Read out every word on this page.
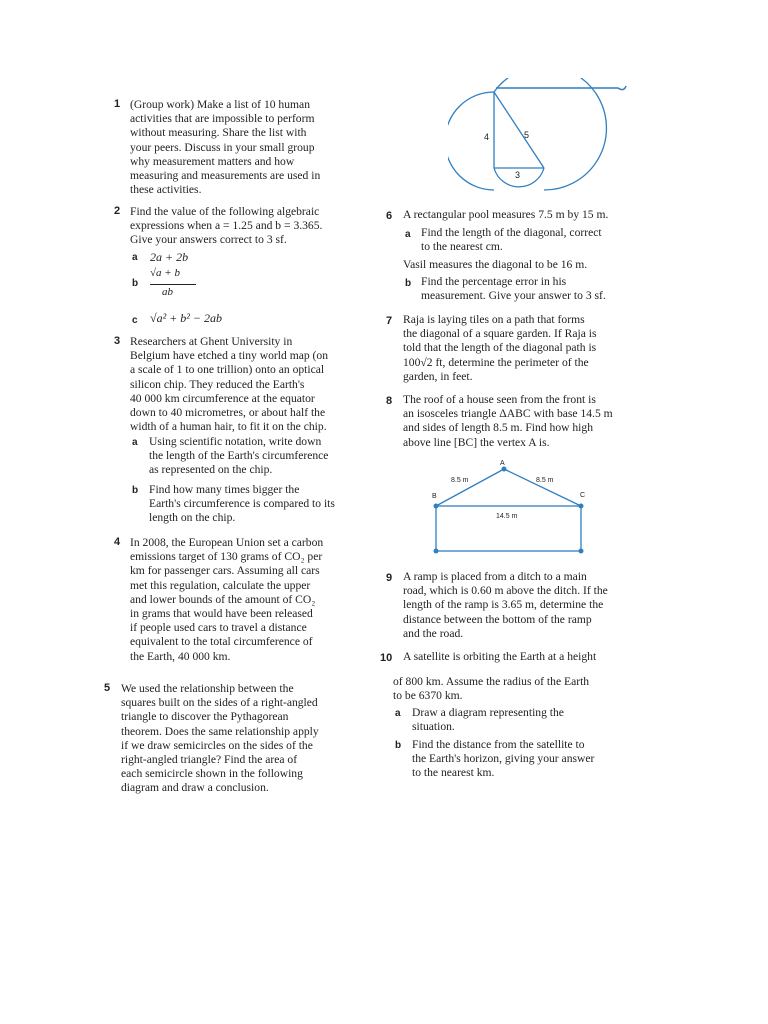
1 (Group work) Make a list of 10 human
activities that are impossible to perform
without measuring. Share the list with
your peers. Discuss in your small group
why measurement matters and how
measuring and measurements are used in
these activities.

2 Find the value of the following algebraic
expressions when a = 1.25 and b = 3.365.
Give your answers correct to 3 sf.

a 2a + 2b
b
√a + b
ab
c √a² + b² − 2ab
3 Researchers at Ghent University in
Belgium have etched a tiny world map (on
a scale of 1 to one trillion) onto an optical
silicon chip. They reduced the Earth's
40 000 km circumference at the equator
down to 40 micrometres, or about half the
width of a human hair, to fit it on the chip.

a Using scientific notation, write down
the length of the Earth's circumference
as represented on the chip.

b Find how many times bigger the
Earth's circumference is compared to its
length on the chip.

4 In 2008, the European Union set a carbon
emissions target of 130 grams of CO₂ per
km for passenger cars. Assuming all cars
met this regulation, calculate the upper
and lower bounds of the amount of CO₂
in grams that would have been released
if people used cars to travel a distance
equivalent to the total circumference of
the Earth, 40 000 km.

5 We used the relationship between the
squares built on the sides of a right-angled
triangle to discover the Pythagorean
theorem. Does the same relationship apply
if we draw semicircles on the sides of the
right-angled triangle? Find the area of
each semicircle shown in the following
diagram and draw a conclusion.

4	5
3
6 A rectangular pool measures 7.5 m by 15 m.

a Find the length of the diagonal, correct
to the nearest cm.

Vasil measures the diagonal to be 16 m.

b Find the percentage error in his
measurement. Give your answer to 3 sf.

7 Raja is laying tiles on a path that forms
the diagonal of a square garden. If Raja is
told that the length of the diagonal path is
100√2 ft, determine the perimeter of the
garden, in feet.

8 The roof of a house seen from the front is
an isosceles triangle ΔABC with base 14.5 m
and sides of length 8.5 m. Find how high
above line [BC] the vertex A is.

A
B	C
8.5 m	8.5 m
14.5 m
9 A ramp is placed from a ditch to a main
road, which is 0.60 m above the ditch. If the
length of the ramp is 3.65 m, determine the
distance between the bottom of the ramp
and the road.

10 A satellite is orbiting the Earth at a height

of 800 km. Assume the radius of the Earth
to be 6370 km.

a Draw a diagram representing the
situation.

b Find the distance from the satellite to
the Earth's horizon, giving your answer
to the nearest km.
